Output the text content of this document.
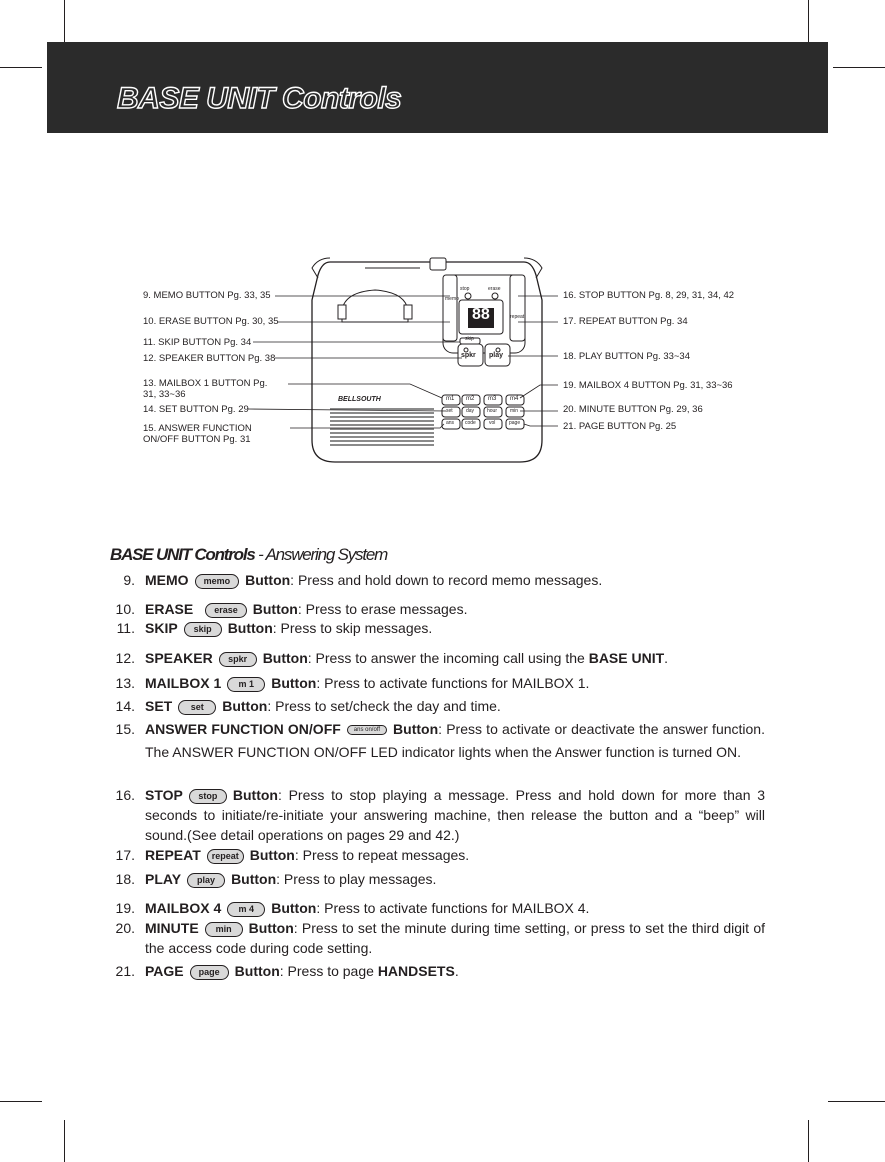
BASE UNIT Controls
88
BELLSOUTH
stop	erase
memo
repeat
skip
spkr play
m1 m2 m3 m4
set	day	hour	min
ans code	vol	page
9. MEMO BUTTON Pg. 33, 35
10. ERASE BUTTON Pg. 30, 35
11. SKIP BUTTON Pg. 34
12. SPEAKER BUTTON Pg. 38
13. MAILBOX 1 BUTTON Pg. 31, 33~36
14. SET BUTTON Pg. 29
15. ANSWER FUNCTION ON/OFF BUTTON Pg. 31
16. STOP BUTTON Pg. 8, 29, 31, 34, 42
17. REPEAT BUTTON Pg. 34
18. PLAY BUTTON Pg. 33~34
19. MAILBOX 4 BUTTON Pg. 31, 33~36
20. MINUTE BUTTON Pg. 29, 36
21. PAGE BUTTON Pg. 25
BASE UNIT Controls - Answering System
9. MEMO memo Button: Press and hold down to record memo messages.
10. ERASE erase Button: Press to erase messages.
11. SKIP skip Button: Press to skip messages.
12. SPEAKER spkr Button: Press to answer the incoming call using the BASE UNIT.
13. MAILBOX 1 m 1 Button: Press to activate functions for MAILBOX 1.
14. SET set Button: Press to set/check the day and time.
15. ANSWER FUNCTION ON/OFF ans on/off Button: Press to activate or deactivate the answer function. The ANSWER FUNCTION ON/OFF LED indicator lights when the Answer function is turned ON.
16. STOP stop Button: Press to stop playing a message. Press and hold down for more than 3 seconds to initiate/re-initiate your answering machine, then release the button and a “beep” will sound.(See detail operations on pages 29 and 42.)
17. REPEAT repeat Button: Press to repeat messages.
18. PLAY play Button: Press to play messages.
19. MAILBOX 4 m 4 Button: Press to activate functions for MAILBOX 4.
20. MINUTE min Button: Press to set the minute during time setting, or press to set the third digit of the access code during code setting.
21. PAGE page Button: Press to page HANDSETS.
